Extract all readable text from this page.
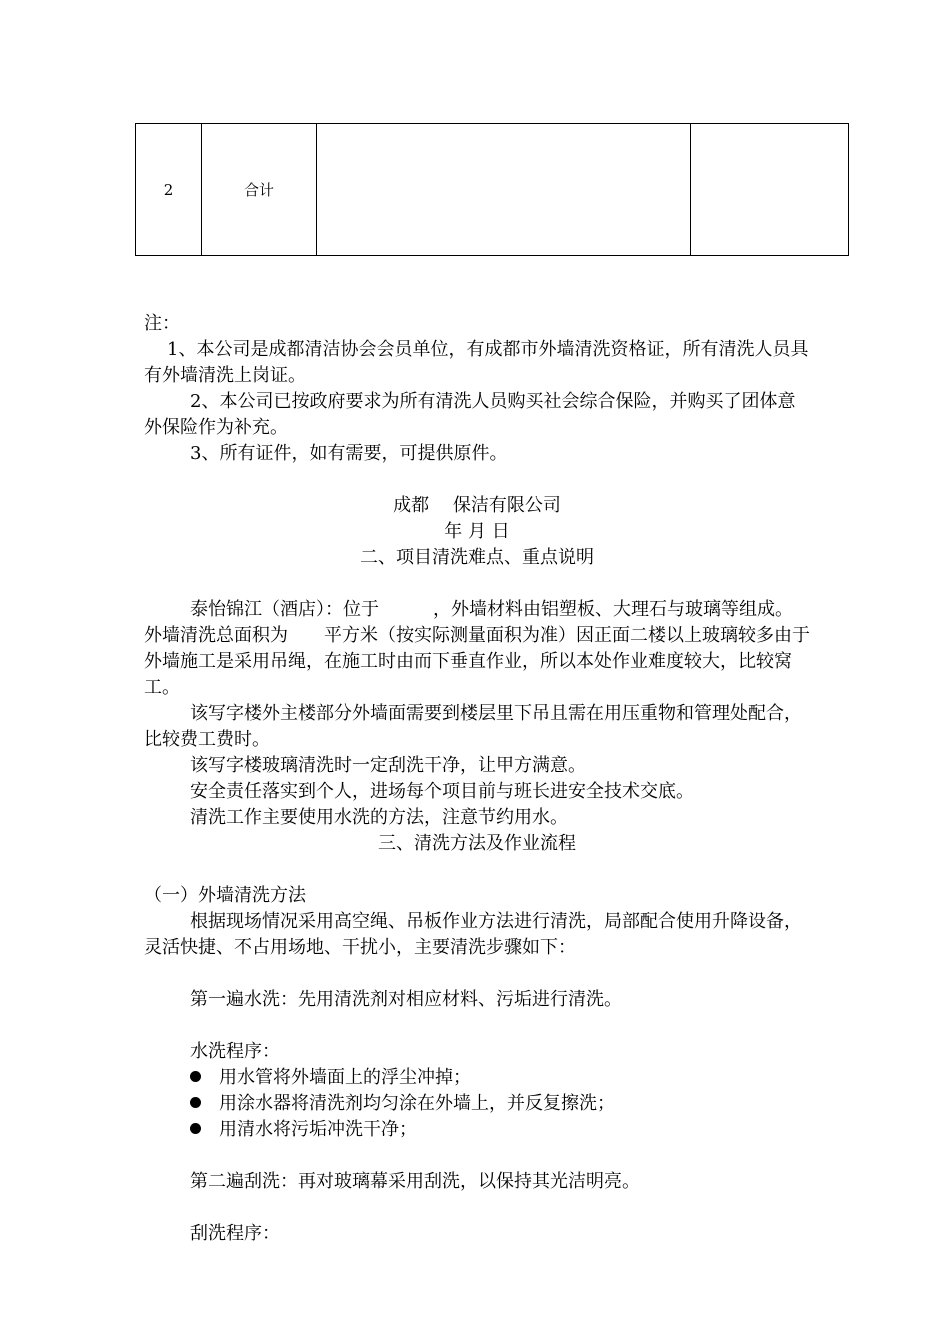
2	合计		

注：

1、本公司是成都清洁协会会员单位，有成都市外墙清洗资格证，所有清洗人员具有外墙清洗上岗证。

2、本公司已按政府要求为所有清洗人员购买社会综合保险，并购买了团体意外保险作为补充。

3、所有证件，如有需要，可提供原件。

成都　 保洁有限公司

年 月 日

二、项目清洗难点、重点说明

泰怡锦江（酒店）：位于　　　，外墙材料由铝塑板、大理石与玻璃等组成。外墙清洗总面积为　　平方米（按实际测量面积为准）因正面二楼以上玻璃较多由于外墙施工是采用吊绳，在施工时由而下垂直作业，所以本处作业难度较大，比较窝工。

该写字楼外主楼部分外墙面需要到楼层里下吊且需在用压重物和管理处配合，比较费工费时。

该写字楼玻璃清洗时一定刮洗干净，让甲方满意。

安全责任落实到个人，进场每个项目前与班长进安全技术交底。

清洗工作主要使用水洗的方法，注意节约用水。

三、清洗方法及作业流程

（一）外墙清洗方法

根据现场情况采用高空绳、吊板作业方法进行清洗，局部配合使用升降设备，灵活快捷、不占用场地、干扰小，主要清洗步骤如下：

第一遍水洗：先用清洗剂对相应材料、污垢进行清洗。

水洗程序：

用水管将外墙面上的浮尘冲掉；

用涂水器将清洗剂均匀涂在外墙上，并反复擦洗；

用清水将污垢冲洗干净；

第二遍刮洗：再对玻璃幕采用刮洗，以保持其光洁明亮。

刮洗程序：
